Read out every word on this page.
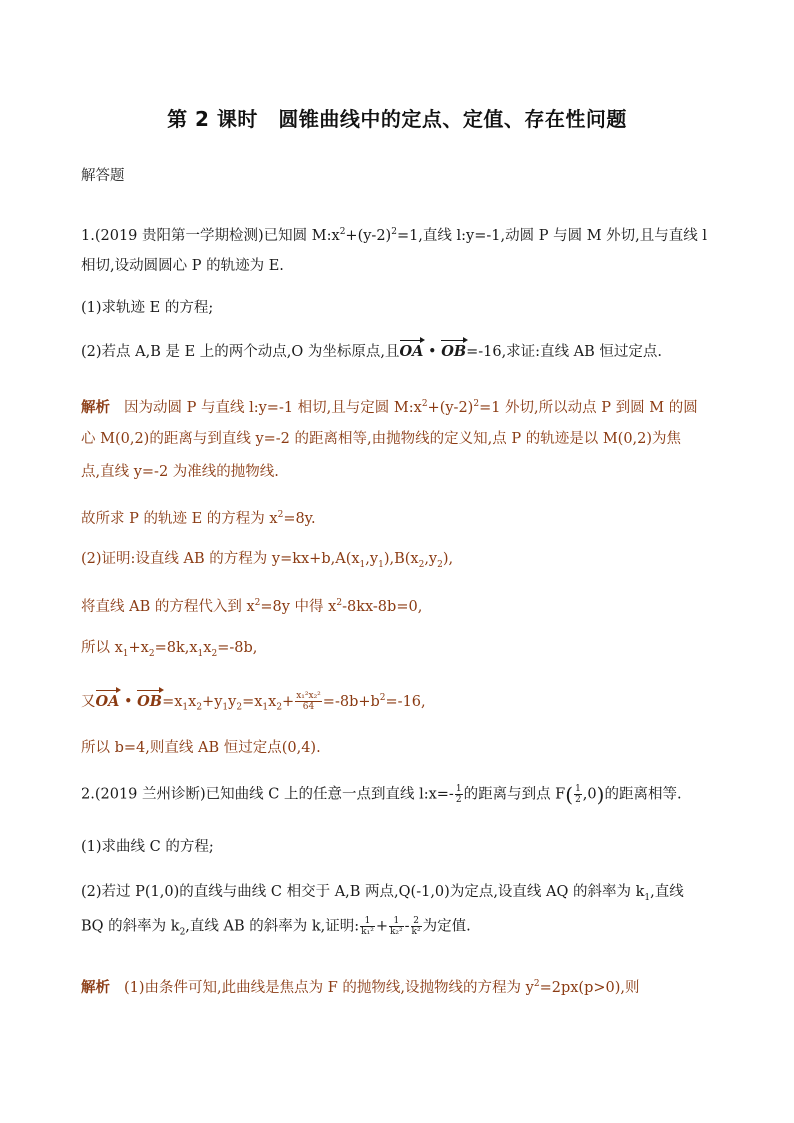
第 2 课时　圆锥曲线中的定点、定值、存在性问题
解答题
1.(2019 贵阳第一学期检测)已知圆 $M:x^2+(y-2)^2=1$,直线 l:y=-1,动圆 P 与圆 M 外切,且与直线 l
相切,设动圆圆心 P 的轨迹为 E.
(1)求轨迹 E 的方程;
(2)若点 A,B 是 E 上的两个动点,O 为坐标原点,且OA • OB=-16,求证:直线 AB 恒过定点.
解析 因为动圆 P 与直线 l:y=-1 相切,且与定圆 $M:x^2+(y-2)^2=1$ 外切,所以动点 P 到圆 M 的圆
心 M(0,2)的距离与到直线 y=-2 的距离相等,由抛物线的定义知,点 P 的轨迹是以 M(0,2)为焦
点,直线 y=-2 为准线的抛物线.
故所求 P 的轨迹 E 的方程为 $x^2=8y$.
(2)证明:设直线 AB 的方程为 $y=kx+b,A(x_1,y_1),B(x_2,y_2)$,
将直线 AB 的方程代入到 $x^2=8y$ 中得 $x^2-8kx-8b=0$,
所以 $x_1+x_2=8k,x_1x_2=-8b$,
又OA • $OB=x_1x_2+y_1y_2=x_1x_2+ \frac{\text{x₁²x₂²}}{64} =-8b+b^2=-16$,
所以 b=4,则直线 AB 恒过定点(0,4).
2.(2019 兰州诊断)已知曲线 C 上的任意一点到直线 l:x=- $\frac{1}{2}$ 的距离与到点 $F( \frac{1}{2} ,0)$的距离相等.
(1)求曲线 C 的方程;
(2)若过 P(1,0)的直线与曲线 C 相交于 A,B 两点,Q(-1,0)为定点,设直线 AQ 的斜率为 $k_1$,直线
BQ 的斜率为 $k_2$,直线 AB 的斜率为 k,证明: $\frac{1}{\text{k₁²}} + \frac{1}{\text{k₂²}} - \frac{2}{\text{k²}}$ 为定值.
解析 (1)由条件可知,此曲线是焦点为 F 的抛物线,设抛物线的方程为 $y^2=2px(p>0)$,则
